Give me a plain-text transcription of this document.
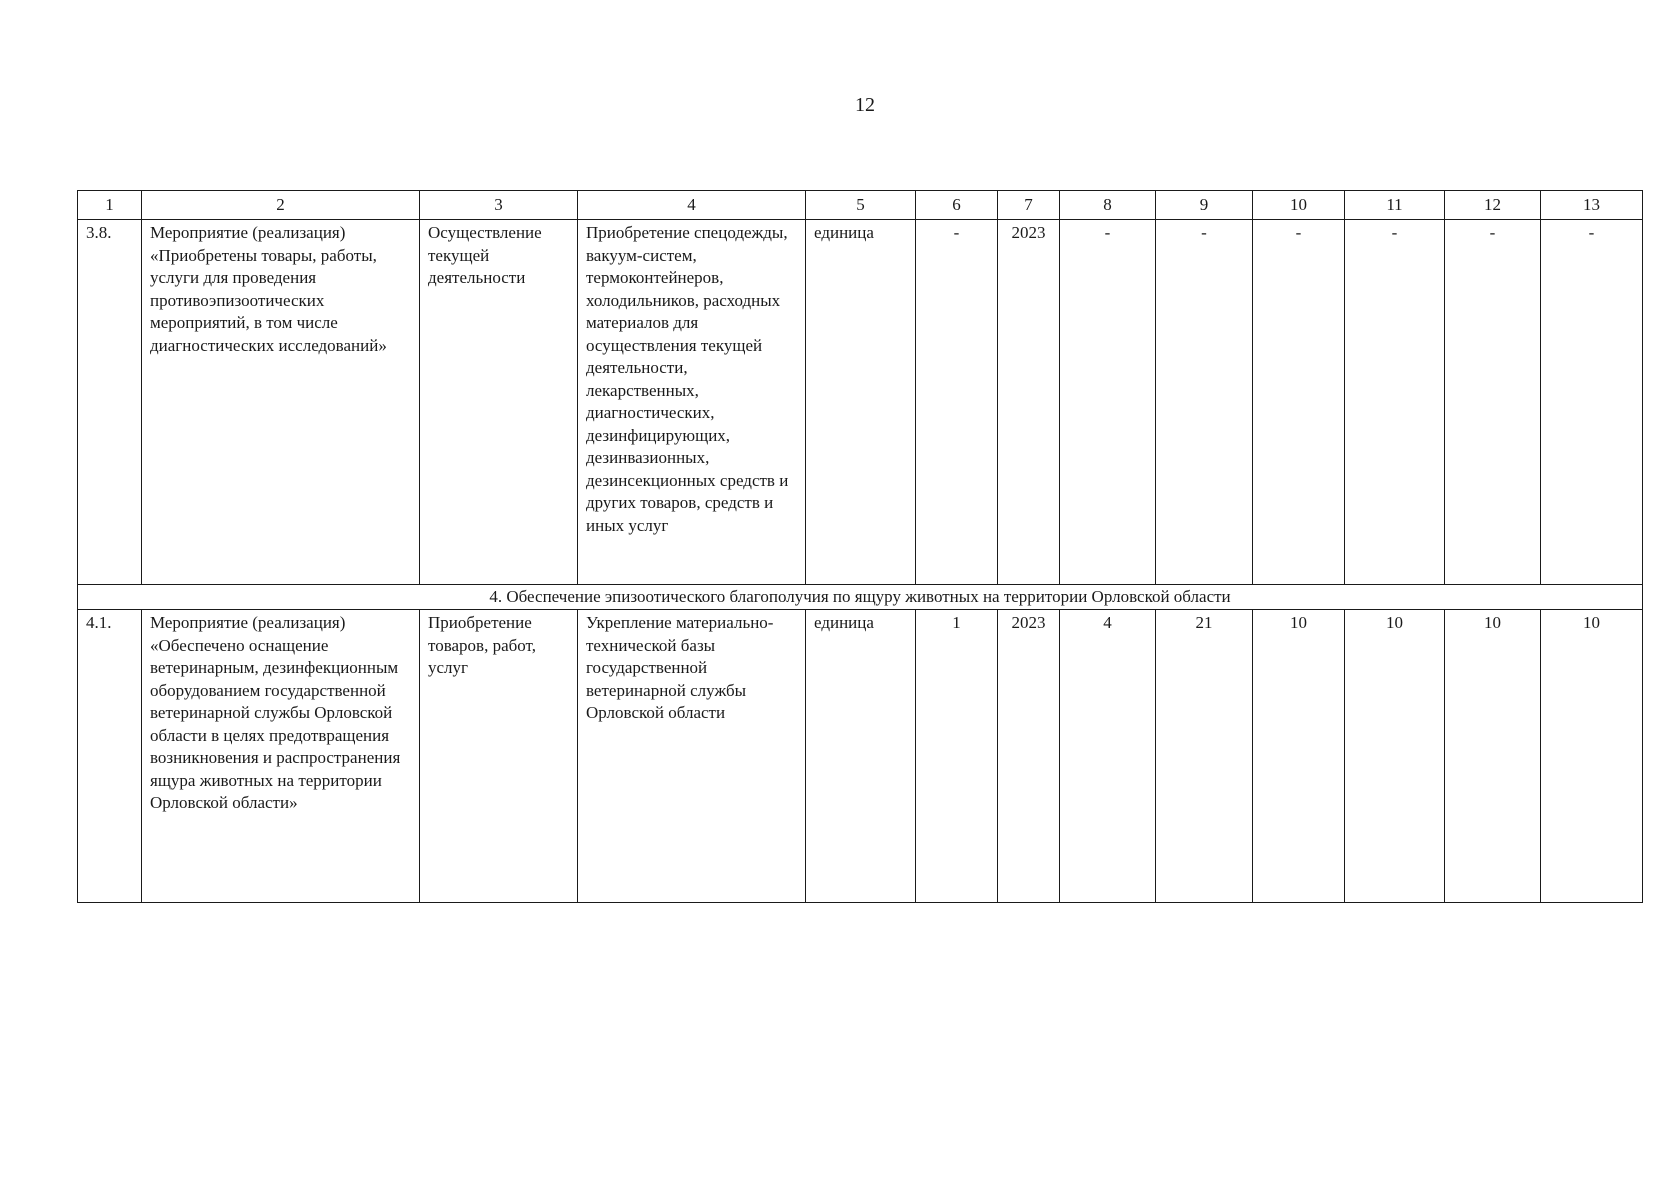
12
1	2	3	4	5	6	7	8	9	10	11	12	13
3.8.	Мероприятие (реализация) «Приобретены товары, работы, услуги для проведения противоэпизоотических мероприятий, в том числе диагностических исследований»	Осуществление текущей деятельности	Приобретение спецодежды, вакуум-систем, термоконтейнеров, холодильников, расходных материалов для осуществления текущей деятельности, лекарственных, диагностических, дезинфицирующих, дезинвазионных, дезинсекционных средств и других товаров, средств и иных услуг	единица	-	2023	-	-	-	-	-	-
4. Обеспечение эпизоотического благополучия по ящуру животных на территории Орловской области												
4.1.	Мероприятие (реализация) «Обеспечено оснащение ветеринарным, дезинфекционным оборудованием государственной ветеринарной службы Орловской области в целях предотвращения возникновения и распространения ящура животных на территории Орловской области»	Приобретение товаров, работ, услуг	Укрепление материально-технической базы государственной ветеринарной службы Орловской области	единица	1	2023	4	21	10	10	10	10
